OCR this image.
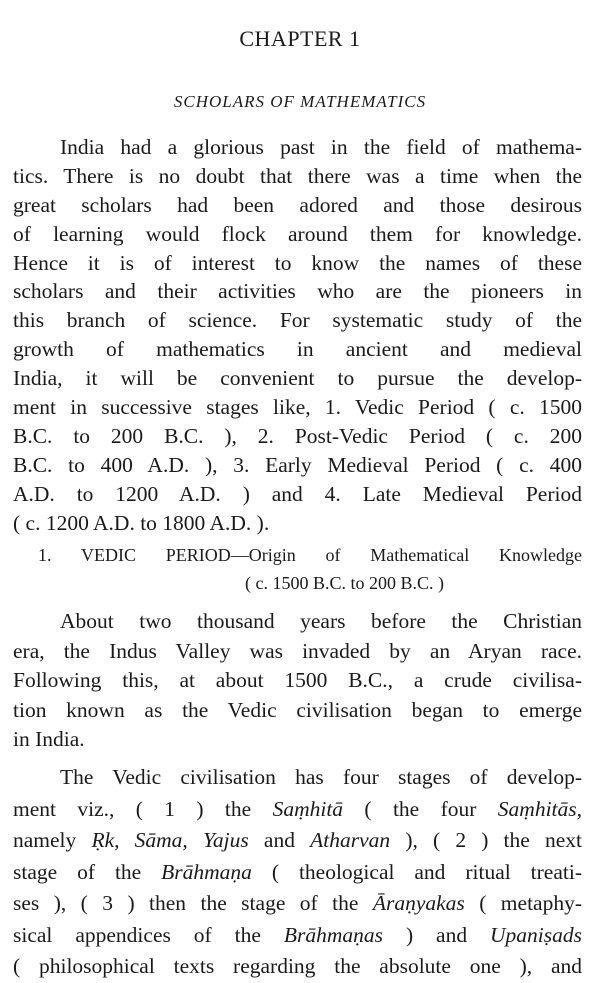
CHAPTER 1
SCHOLARS OF MATHEMATICS
India had a glorious past in the field of mathema-
tics. There is no doubt that there was a time when the
great scholars had been adored and those desirous
of learning would flock around them for knowledge.
Hence it is of interest to know the names of these
scholars and their activities who are the pioneers in
this branch of science. For systematic study of the
growth of mathematics in ancient and medieval
India, it will be convenient to pursue the develop-
ment in successive stages like, 1. Vedic Period ( c. 1500
B.C. to 200 B.C. ), 2. Post-Vedic Period ( c. 200
B.C. to 400 A.D. ), 3. Early Medieval Period ( c. 400
A.D. to 1200 A.D. ) and 4. Late Medieval Period
( c. 1200 A.D. to 1800 A.D. ).
1. VEDIC PERIOD—Origin of Mathematical Knowledge
( c. 1500 B.C. to 200 B.C. )
About two thousand years before the Christian
era, the Indus Valley was invaded by an Aryan race.
Following this, at about 1500 B.C., a crude civilisa-
tion known as the Vedic civilisation began to emerge
in India.
The Vedic civilisation has four stages of develop-
ment viz., ( 1 ) the Saṃhitā ( the four Saṃhitās,
namely Ṛk, Sāma, Yajus and Atharvan ), ( 2 ) the next
stage of the Brāhmaṇa ( theological and ritual treati-
ses ), ( 3 ) then the stage of the Āraṇyakas ( metaphy-
sical appendices of the Brāhmaṇas ) and Upaniṣads
( philosophical texts regarding the absolute one ), and
